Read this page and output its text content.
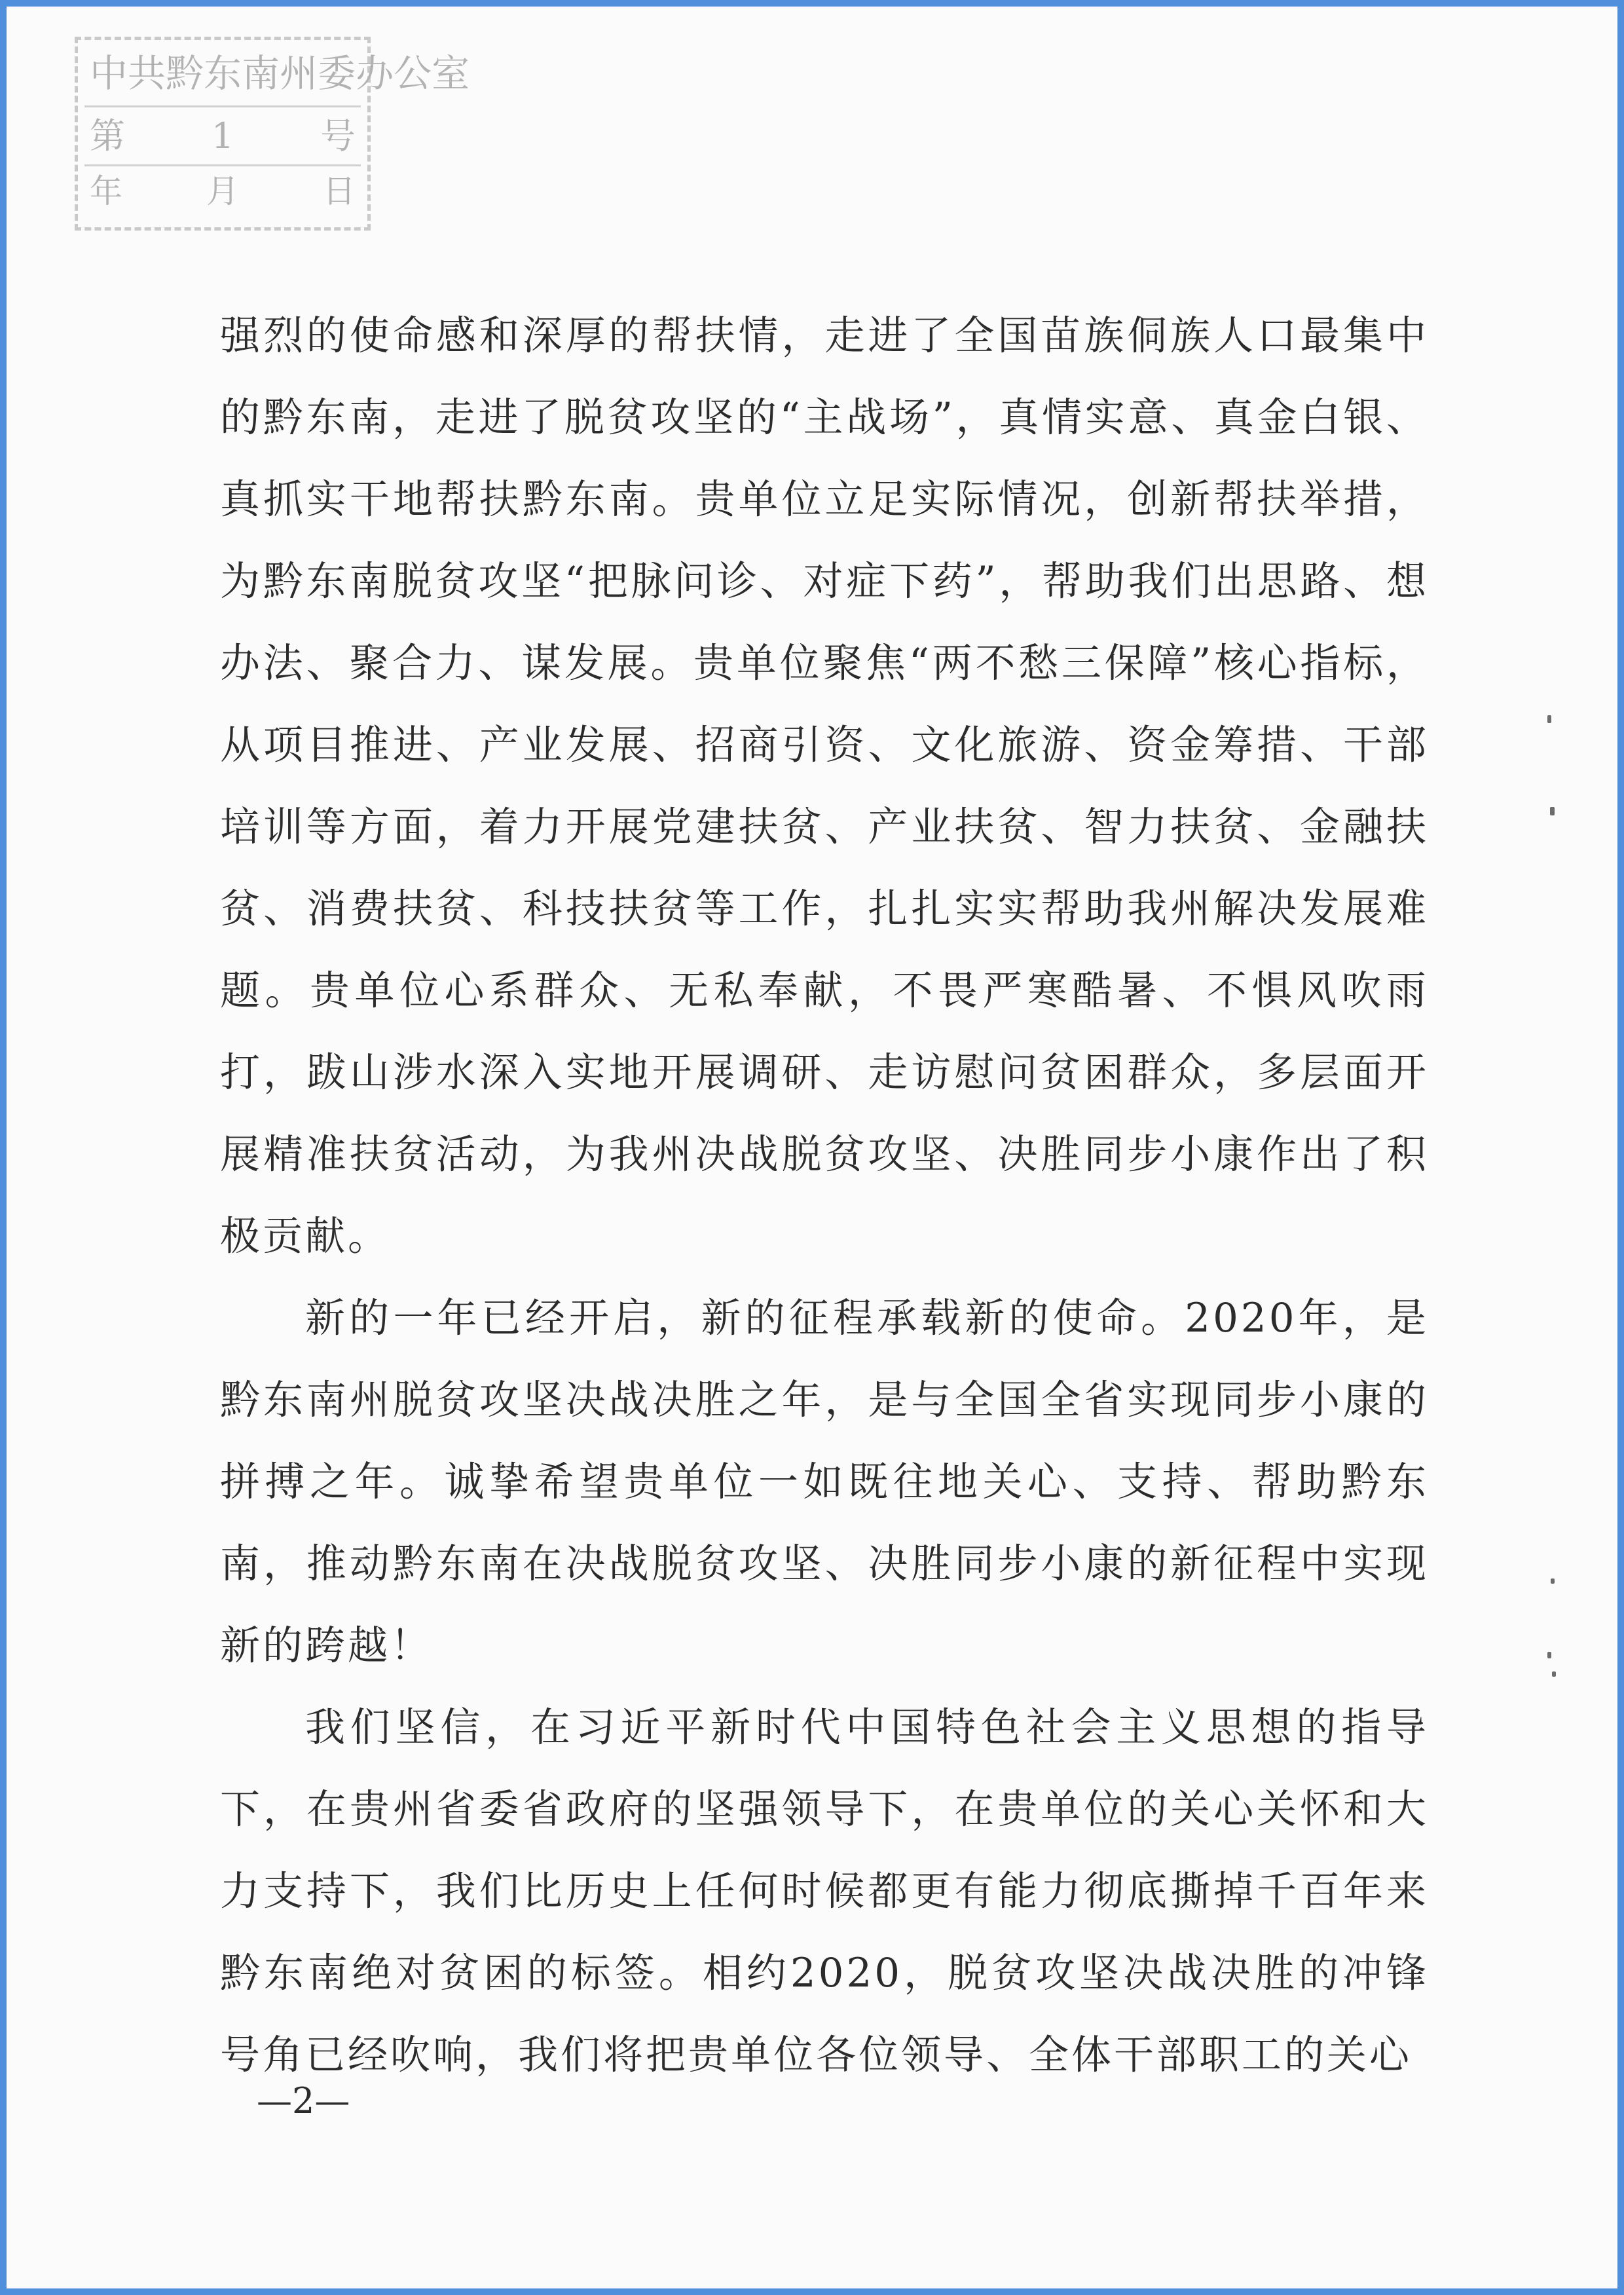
中 共 黔 东 南 州 委 办 公 室
第 1 号
年	月	日

强烈的使命感和深厚的帮扶情，走进了全国苗族侗族人口最集中的黔东南，走进了脱贫攻坚的“主战场”，真情实意、真金白银、真抓实干地帮扶黔东南。贵单位立足实际情况，创新帮扶举措，为黔东南脱贫攻坚“把脉问诊、对症下药”，帮助我们出思路、想办法、聚合力、谋发展。贵单位聚焦“两不愁三保障”核心指标，从项目推进、产业发展、招商引资、文化旅游、资金筹措、干部培训等方面，着力开展党建扶贫、产业扶贫、智力扶贫、金融扶贫、消费扶贫、科技扶贫等工作，扎扎实实帮助我州解决发展难题。贵单位心系群众、无私奉献，不畏严寒酷暑、不惧风吹雨打，跋山涉水深入实地开展调研、走访慰问贫困群众，多层面开展精准扶贫活动，为我州决战脱贫攻坚、决胜同步小康作出了积极贡献。

新的一年已经开启，新的征程承载新的使命。2020年，是黔东南州脱贫攻坚决战决胜之年，是与全国全省实现同步小康的拼搏之年。诚挚希望贵单位一如既往地关心、支持、帮助黔东南，推动黔东南在决战脱贫攻坚、决胜同步小康的新征程中实现新的跨越！

我们坚信，在习近平新时代中国特色社会主义思想的指导下，在贵州省委省政府的坚强领导下，在贵单位的关心关怀和大力支持下，我们比历史上任何时候都更有能力彻底撕掉千百年来黔东南绝对贫困的标签。相约2020，脱贫攻坚决战决胜的冲锋号角已经吹响，我们将把贵单位各位领导、全体干部职工的关心

—2—
